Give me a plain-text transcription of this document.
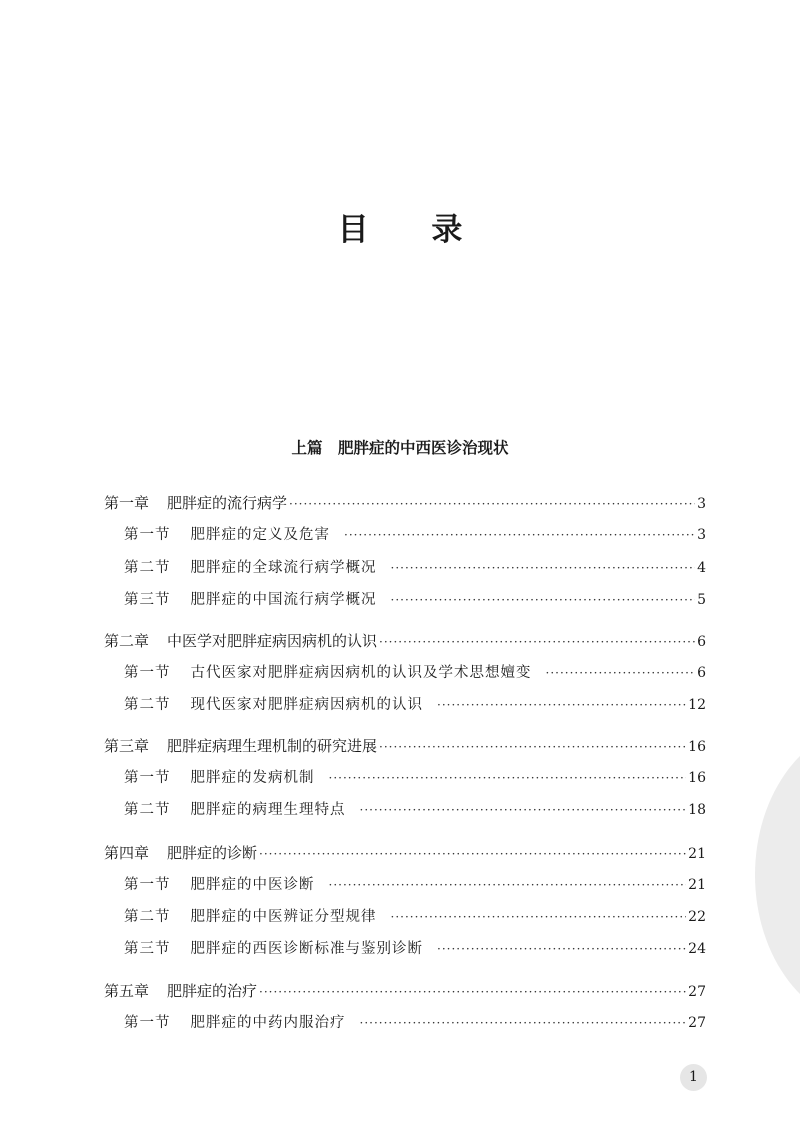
目 录
上篇　肥胖症的中西医诊治现状
第一章 肥胖症的流行病学 ·····	3
第一节 肥胖症的定义及危害 ·····	3
第二节 肥胖症的全球流行病学概况 ·····	4
第三节 肥胖症的中国流行病学概况 ·····	5
第二章 中医学对肥胖症病因病机的认识 ·····	6
第一节 古代医家对肥胖症病因病机的认识及学术思想嬗变 ·····	6
第二节 现代医家对肥胖症病因病机的认识 ·····	12
第三章 肥胖症病理生理机制的研究进展 ·····	16
第一节 肥胖症的发病机制 ·····	16
第二节 肥胖症的病理生理特点 ·····	18
第四章 肥胖症的诊断 ·····	21
第一节 肥胖症的中医诊断 ·····	21
第二节 肥胖症的中医辨证分型规律 ·····	22
第三节 肥胖症的西医诊断标准与鉴别诊断 ·····	24
第五章 肥胖症的治疗 ·····	27
第一节 肥胖症的中药内服治疗 ·····	27
1
